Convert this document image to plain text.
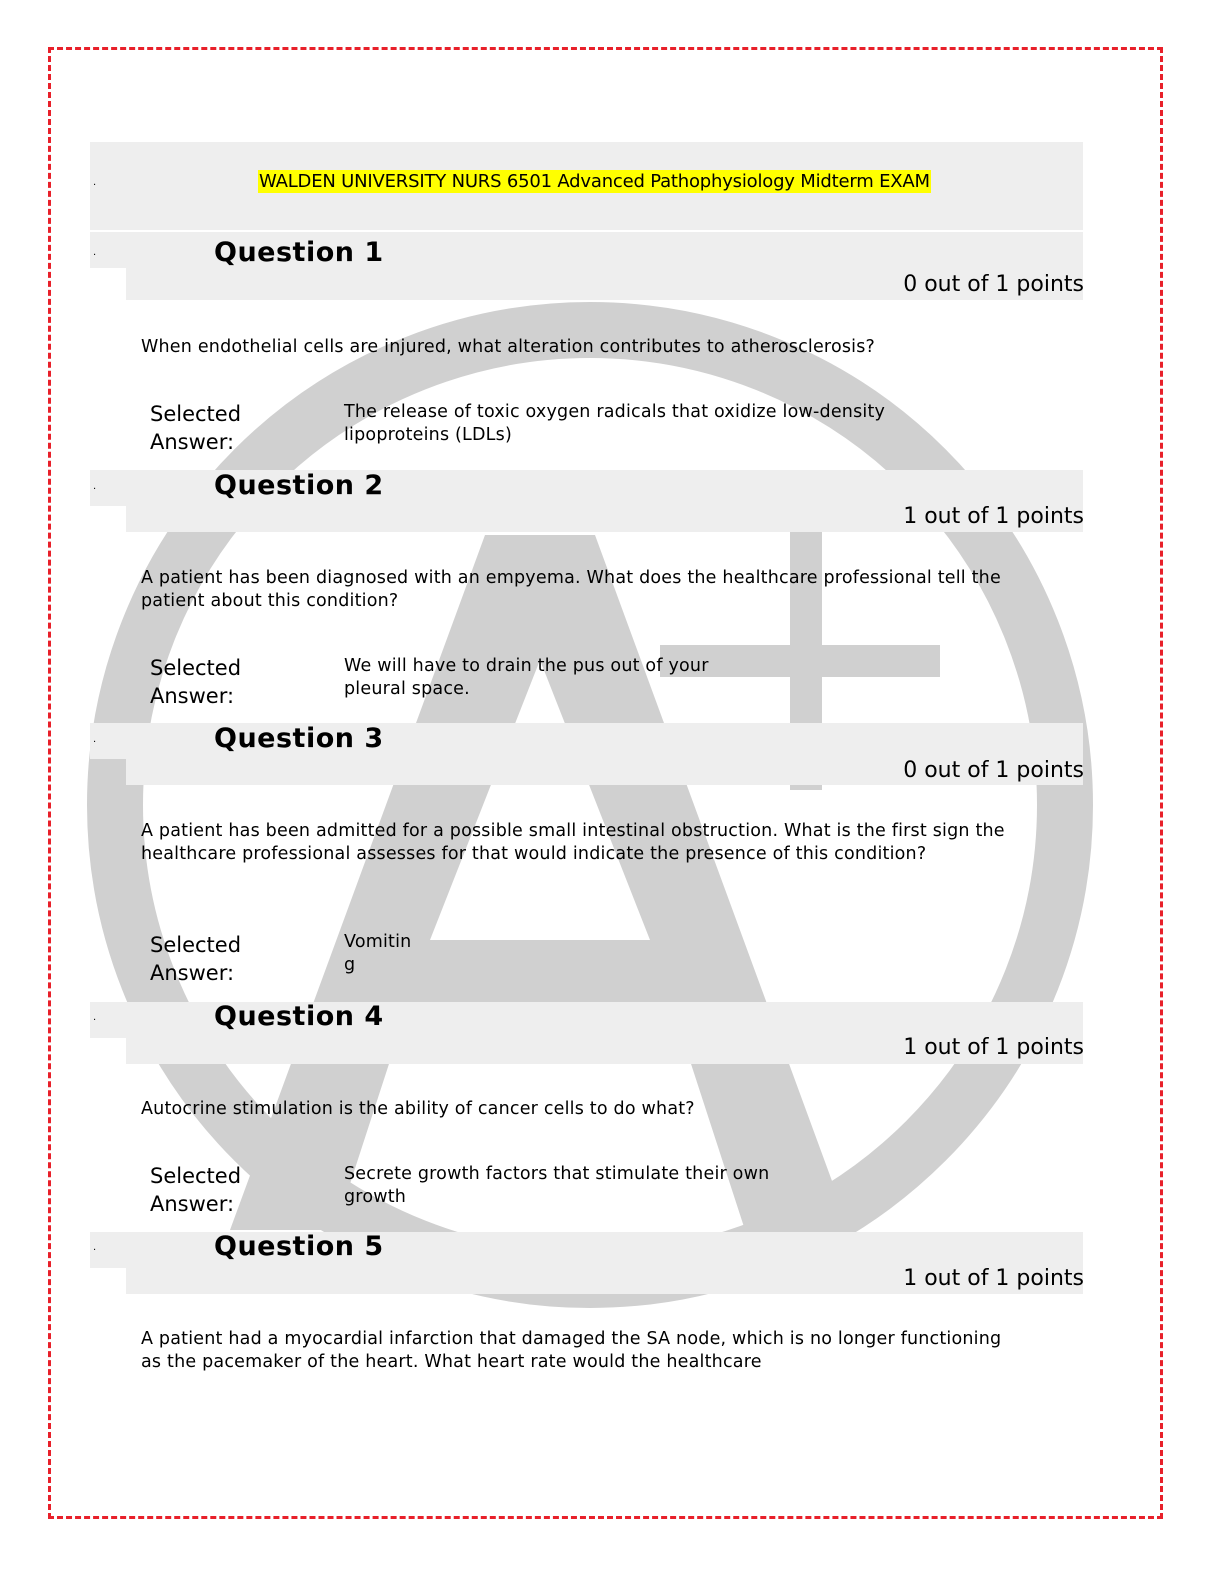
·	WALDEN UNIVERSITY NURS 6501 Advanced Pathophysiology Midterm EXAM
·	Question 1
0 out of 1 points
When endothelial cells are injured, what alteration contributes to atherosclerosis?
Selected
Answer:
The release of toxic oxygen radicals that oxidize low-density lipoproteins (LDLs)
·	Question 2
1 out of 1 points
A patient has been diagnosed with an empyema. What does the healthcare professional tell the patient about this condition?
Selected
Answer:
We will have to drain the pus out of your pleural space.
·	Question 3
0 out of 1 points
A patient has been admitted for a possible small intestinal obstruction. What is the first sign the healthcare professional assesses for that would indicate the presence of this condition?
Selected
Answer:
Vomitin g
·	Question 4
1 out of 1 points
Autocrine stimulation is the ability of cancer cells to do what?
Selected
Answer:
Secrete growth factors that stimulate their own growth
·	Question 5
1 out of 1 points
A patient had a myocardial infarction that damaged the SA node, which is no longer functioning as the pacemaker of the heart. What heart rate would the healthcare
